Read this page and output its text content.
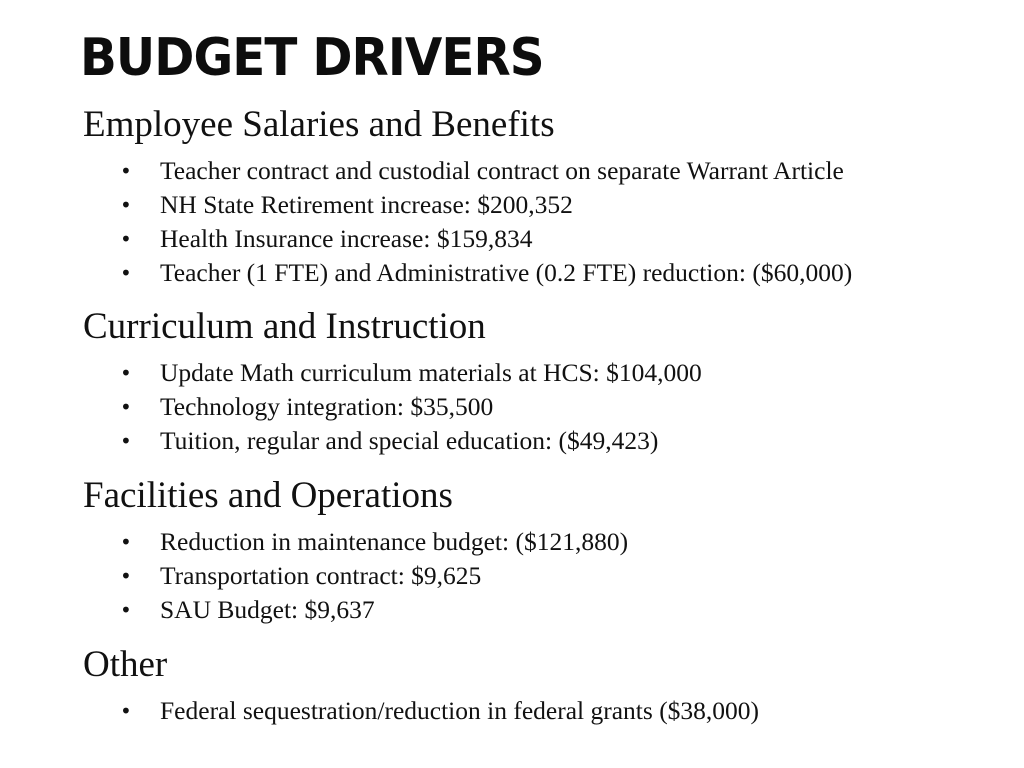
BUDGET DRIVERS
Employee Salaries and Benefits
• Teacher contract and custodial contract on separate Warrant Article
• NH State Retirement increase: $200,352
• Health Insurance increase: $159,834
• Teacher (1 FTE) and Administrative (0.2 FTE) reduction: ($60,000)
Curriculum and Instruction
• Update Math curriculum materials at HCS: $104,000
• Technology integration: $35,500
• Tuition, regular and special education: ($49,423)
Facilities and Operations
• Reduction in maintenance budget: ($121,880)
• Transportation contract: $9,625
• SAU Budget: $9,637
Other
• Federal sequestration/reduction in federal grants ($38,000)
